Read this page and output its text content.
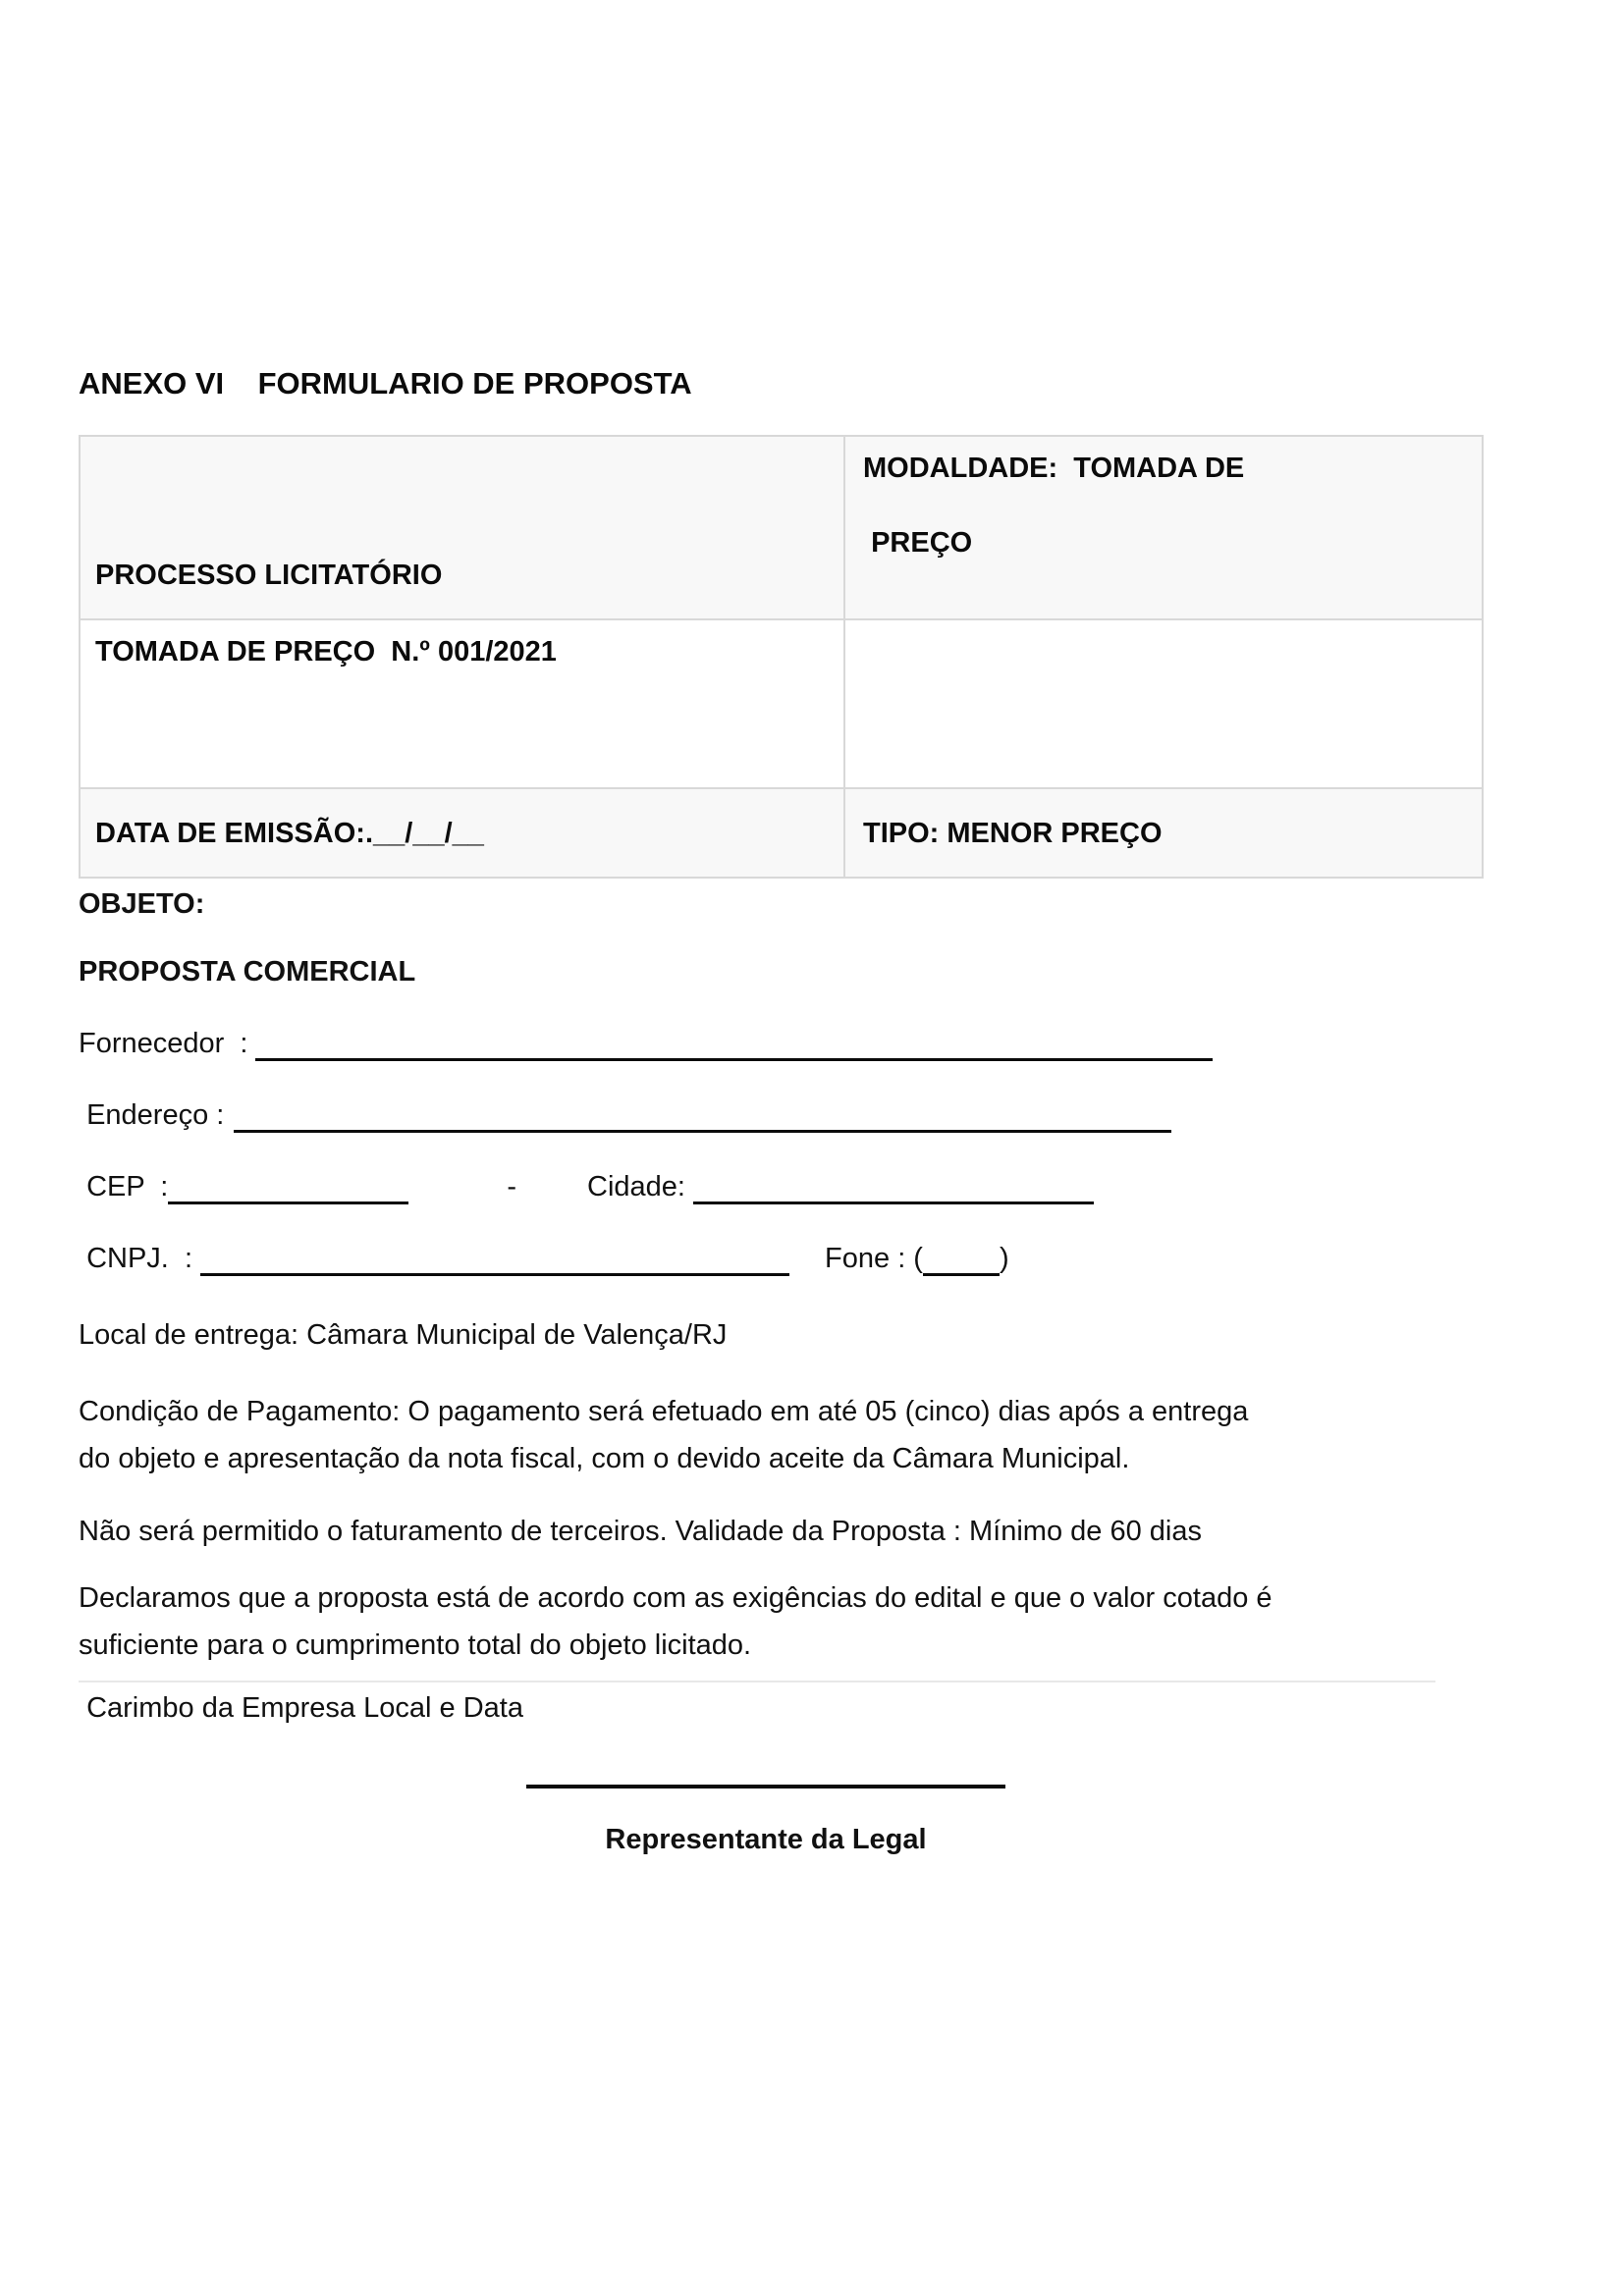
ANEXO VI    FORMULARIO DE PROPOSTA
PROCESSO LICITATÓRIO	MODALDADE:  TOMADA DE
PREÇO

TOMADA DE PREÇO  N.º 001/2021	

DATA DE EMISSÃO:.__/__/__	TIPO: MENOR PREÇO

OBJETO:

PROPOSTA COMERCIAL

Fornecedor  :
Endereço :
CEP  :	- Cidade:
CNPJ.  :	Fone : (	)

Local de entrega: Câmara Municipal de Valença/RJ

Condição de Pagamento: O pagamento será efetuado em até 05 (cinco) dias após a entrega
do objeto e apresentação da nota fiscal, com o devido aceite da Câmara Municipal.

Não será permitido o faturamento de terceiros. Validade da Proposta : Mínimo de 60 dias

Declaramos que a proposta está de acordo com as exigências do edital e que o valor cotado é
suficiente para o cumprimento total do objeto licitado.

Carimbo da Empresa Local e Data

Representante da Legal
